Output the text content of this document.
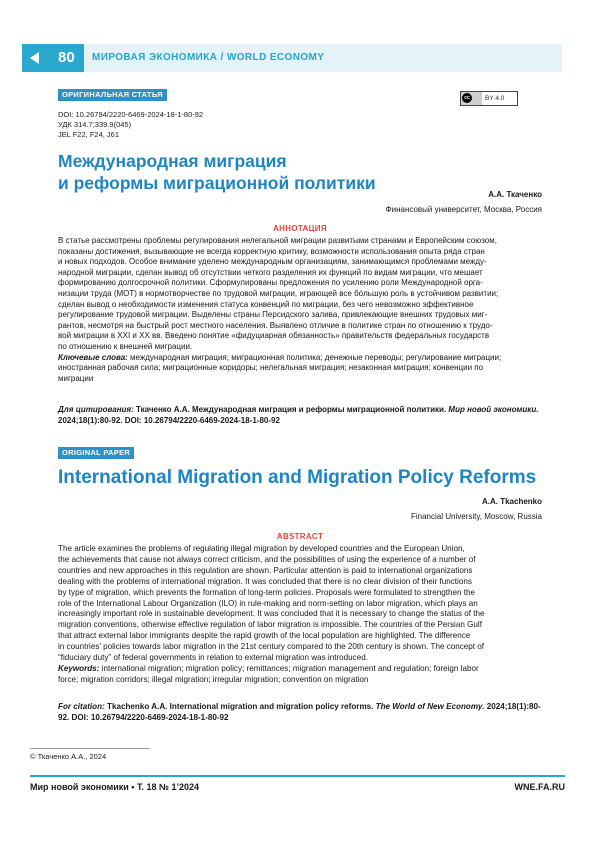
80 МИРОВАЯ ЭКОНОМИКА / WORLD ECONOMY
ОРИГИНАЛЬНАЯ СТАТЬЯ	cc	BY 4.0
DOI: 10.26794/2220-6469-2024-18-1-80-92
УДК 314.7;339.9(045)
JEL F22, F24, J61
Международная миграция
и реформы миграционной политики
А.А. Ткаченко
Финансовый университет, Москва, Россия
АННОТАЦИЯ
В статье рассмотрены проблемы регулирования нелегальной миграции развитыми странами и Европейским союзом,
показаны достижения, вызывающие не всегда корректную критику, возможности использования опыта ряда стран
и новых подходов. Особое внимание уделено международным организациям, занимающимся проблемами между-
народной миграции, сделан вывод об отсутствии четкого разделения их функций по видам миграции, что мешает
формированию долгосрочной политики. Сформулированы предложения по усилению роли Международной орга-
низации труда (МОТ) в нормотворчестве по трудовой миграции, играющей все бóльшую роль в устойчивом развитии;
сделан вывод о необходимости изменения статуса конвенций по миграции, без чего невозможно эффективное
регулирование трудовой миграции. Выделены страны Персидского залива, привлекающие внешних трудовых миг-
рантов, несмотря на быстрый рост местного населения. Выявлено отличие в политике стран по отношению к трудо-
вой миграции в XXI и XX вв. Введено понятие «фидуциарная обязанность» правительств федеральных государств
по отношению к внешней миграции.
Ключевые слова: международная миграция; миграционная политика; денежные переводы; регулирование миграции;
иностранная рабочая сила; миграционные коридоры; нелегальная миграция; незаконная миграция; конвенции по
миграции
Для цитирования: Ткаченко А.А. Международная миграция и реформы миграционной политики. Мир новой экономики.
2024;18(1):80-92. DOI: 10.26794/2220-6469-2024-18-1-80-92
ORIGINAL PAPER
International Migration and Migration Policy Reforms
A.A. Tkachenko
Financial University, Moscow, Russia
ABSTRACT
The article examines the problems of regulating illegal migration by developed countries and the European Union,
the achievements that cause not always correct criticism, and the possibilities of using the experience of a number of
countries and new approaches in this regulation are shown. Particular attention is paid to international organizations
dealing with the problems of international migration. It was concluded that there is no clear division of their functions
by type of migration, which prevents the formation of long-term policies. Proposals were formulated to strengthen the
role of the International Labour Organization (ILO) in rule-making and norm-setting on labor migration, which plays an
increasingly important role in sustainable development. It was concluded that it is necessary to change the status of the
migration conventions, otherwise effective regulation of labor migration is impossible. The countries of the Persian Gulf
that attract external labor immigrants despite the rapid growth of the local population are highlighted. The difference
in countries’ policies towards labor migration in the 21st century compared to the 20th century is shown. The concept of
“fiduciary duty” of federal governments in relation to external migration was introduced.
Keywords: international migration; migration policy; remittances; migration management and regulation; foreign labor
force; migration corridors; illegal migration; irregular migration; convention on migration
For citation: Tkachenko A.A. International migration and migration policy reforms. The World of New Economy. 2024;18(1):80-
92. DOI: 10.26794/2220-6469-2024-18-1-80-92
© Ткаченко А.А., 2024
Мир новой экономики • Т. 18 № 1’2024	WNE.FA.RU
